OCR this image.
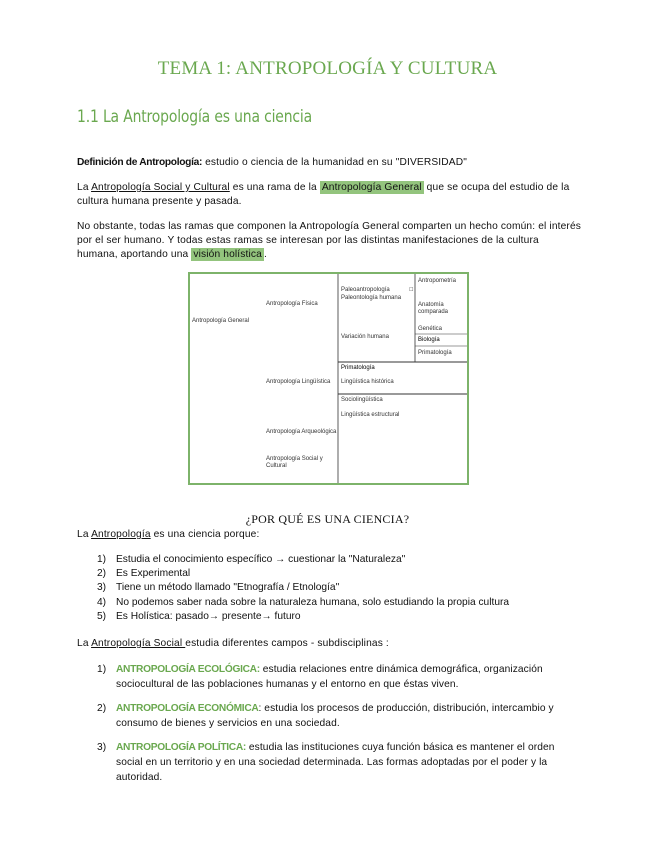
TEMA 1: ANTROPOLOGÍA Y CULTURA
1.1 La Antropología es una ciencia
Definición de Antropología: estudio o ciencia de la humanidad en su "DIVERSIDAD"
La Antropología Social y Cultural es una rama de la Antropología General que se ocupa del estudio de la cultura humana presente y pasada.
No obstante, todas las ramas que componen la Antropología General comparten un hecho común: el interés por el ser humano. Y todas estas ramas se interesan por las distintas manifestaciones de la cultura humana, aportando una visión holística .
Antropología General
Antropología Física
Antropología Lingüística
Antropología Arqueológica
Antropología Social y Cultural
Paleoantropología
Paleontología humana
Variación humana
Antropometría
☐
Anatomía comparada
Genética
Biología
Primatología
Primatología
Lingüística histórica
Sociolingüística
Lingüística estructural
¿POR QUÉ ES UNA CIENCIA?
La Antropología es una ciencia porque:
1) Estudia el conocimiento específico → cuestionar la "Naturaleza"
2) Es Experimental
3) Tiene un método llamado "Etnografía / Etnología"
4) No podemos saber nada sobre la naturaleza humana, solo estudiando la propia cultura
5) Es Holística: pasado→ presente→ futuro
La Antropología Social estudia diferentes campos - subdisciplinas :
1) ANTROPOLOGÍA ECOLÓGICA: estudia relaciones entre dinámica demográfica, organización sociocultural de las poblaciones humanas y el entorno en que éstas viven.
2) ANTROPOLOGÍA ECONÓMICA: estudia los procesos de producción, distribución, intercambio y consumo de bienes y servicios en una sociedad.
3) ANTROPOLOGÍA POLÍTICA: estudia las instituciones cuya función básica es mantener el orden social en un territorio y en una sociedad determinada. Las formas adoptadas por el poder y la autoridad.
